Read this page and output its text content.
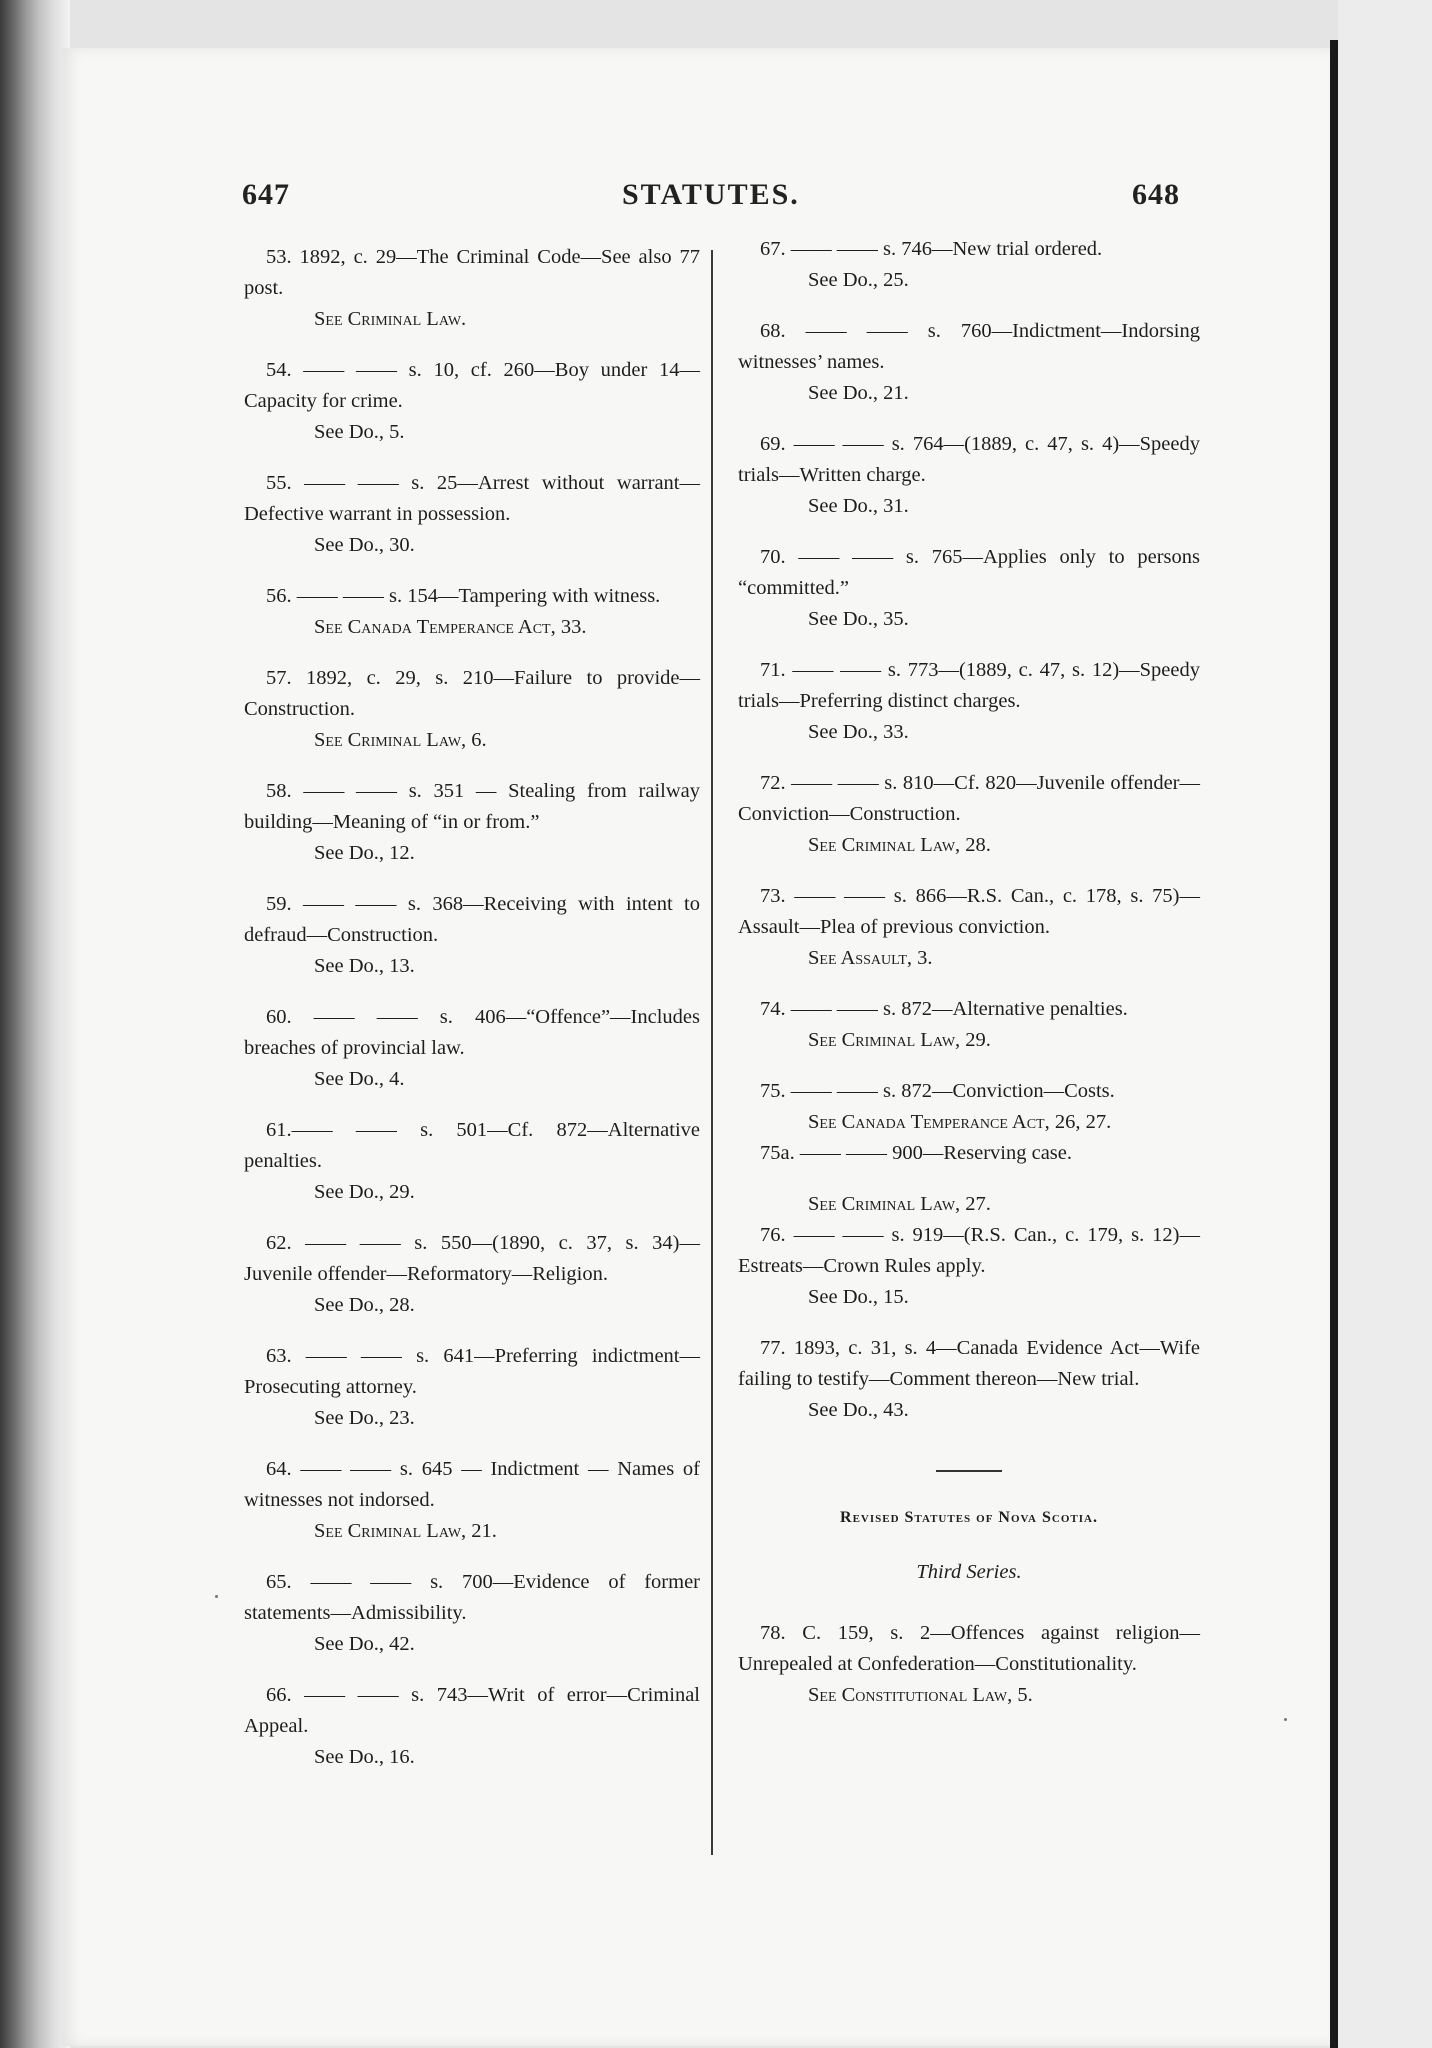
647	STATUTES.	648

53. 1892, c. 29—The Criminal Code—See also 77 post.

See Criminal Law.

54. —— —— s. 10, cf. 260—Boy under 14—Capacity for crime.

See Do., 5.

55. —— —— s. 25—Arrest without warrant—Defective warrant in possession.

See Do., 30.

56. —— —— s. 154—Tampering with witness.

See Canada Temperance Act, 33.

57. 1892, c. 29, s. 210—Failure to provide—Construction.

See Criminal Law, 6.

58. —— —— s. 351 — Stealing from railway building—Meaning of “in or from.”

See Do., 12.

59. —— —— s. 368—Receiving with intent to defraud—Construction.

See Do., 13.

60. —— —— s. 406—“Offence”—Includes breaches of provincial law.

See Do., 4.

61.—— —— s. 501—Cf. 872—Alternative penalties.

See Do., 29.

62. —— —— s. 550—(1890, c. 37, s. 34)—Juvenile offender—Reformatory—Religion.

See Do., 28.

63. —— —— s. 641—Preferring indictment—Prosecuting attorney.

See Do., 23.

64. —— —— s. 645 — Indictment — Names of witnesses not indorsed.

See Criminal Law, 21.

65. —— —— s. 700—Evidence of former statements—Admissibility.

See Do., 42.

66. —— —— s. 743—Writ of error—Criminal Appeal.

See Do., 16.

67. —— —— s. 746—New trial ordered.

See Do., 25.

68. —— —— s. 760—Indictment—Indorsing witnesses’ names.

See Do., 21.

69. —— —— s. 764—(1889, c. 47, s. 4)—Speedy trials—Written charge.

See Do., 31.

70. —— —— s. 765—Applies only to persons “committed.”

See Do., 35.

71. —— —— s. 773—(1889, c. 47, s. 12)—Speedy trials—Preferring distinct charges.

See Do., 33.

72. —— —— s. 810—Cf. 820—Juvenile offender—Conviction—Construction.

See Criminal Law, 28.

73. —— —— s. 866—R.S. Can., c. 178, s. 75)—Assault—Plea of previous conviction.

See Assault, 3.

74. —— —— s. 872—Alternative penalties.

See Criminal Law, 29.

75. —— —— s. 872—Conviction—Costs.

See Canada Temperance Act, 26, 27.

75a. —— —— 900—Reserving case.

See Criminal Law, 27.

76. —— —— s. 919—(R.S. Can., c. 179, s. 12)—Estreats—Crown Rules apply.

See Do., 15.

77. 1893, c. 31, s. 4—Canada Evidence Act—Wife failing to testify—Comment thereon—New trial.

See Do., 43.

Revised Statutes of Nova Scotia.
Third Series.

78. C. 159, s. 2—Offences against religion—Unrepealed at Confederation—Constitutionality.

See Constitutional Law, 5.
